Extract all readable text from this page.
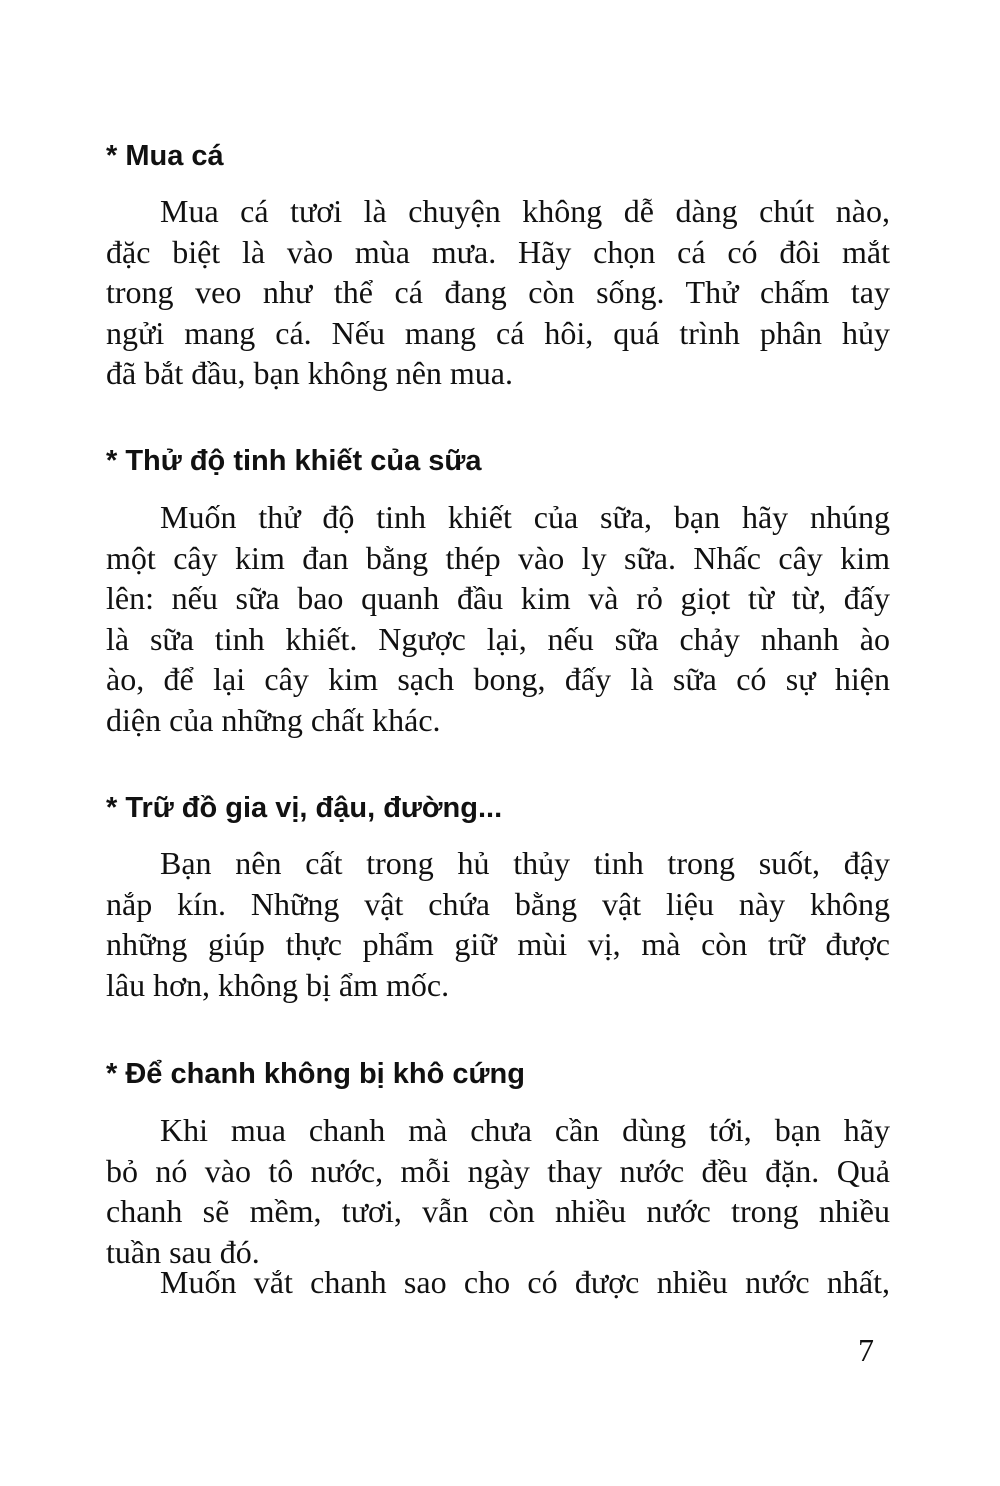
* Mua cá
Mua cá tươi là chuyện không dễ dàng chút nào,
đặc biệt là vào mùa mưa. Hãy chọn cá có đôi mắt
trong veo như thể cá đang còn sống. Thử chấm tay
ngửi mang cá. Nếu mang cá hôi, quá trình phân hủy
đã bắt đầu, bạn không nên mua.
* Thử độ tinh khiết của sữa
Muốn thử độ tinh khiết của sữa, bạn hãy nhúng
một cây kim đan bằng thép vào ly sữa. Nhấc cây kim
lên: nếu sữa bao quanh đầu kim và rỏ giọt từ từ, đấy
là sữa tinh khiết. Ngược lại, nếu sữa chảy nhanh ào
ào, để lại cây kim sạch bong, đấy là sữa có sự hiện
diện của những chất khác.
* Trữ đồ gia vị, đậu, đường...
Bạn nên cất trong hủ thủy tinh trong suốt, đậy
nắp kín. Những vật chứa bằng vật liệu này không
những giúp thực phẩm giữ mùi vị, mà còn trữ được
lâu hơn, không bị ẩm mốc.
* Để chanh không bị khô cứng
Khi mua chanh mà chưa cần dùng tới, bạn hãy
bỏ nó vào tô nước, mỗi ngày thay nước đều đặn. Quả
chanh sẽ mềm, tươi, vẫn còn nhiều nước trong nhiều
tuần sau đó.
Muốn vắt chanh sao cho có được nhiều nước nhất,
7
